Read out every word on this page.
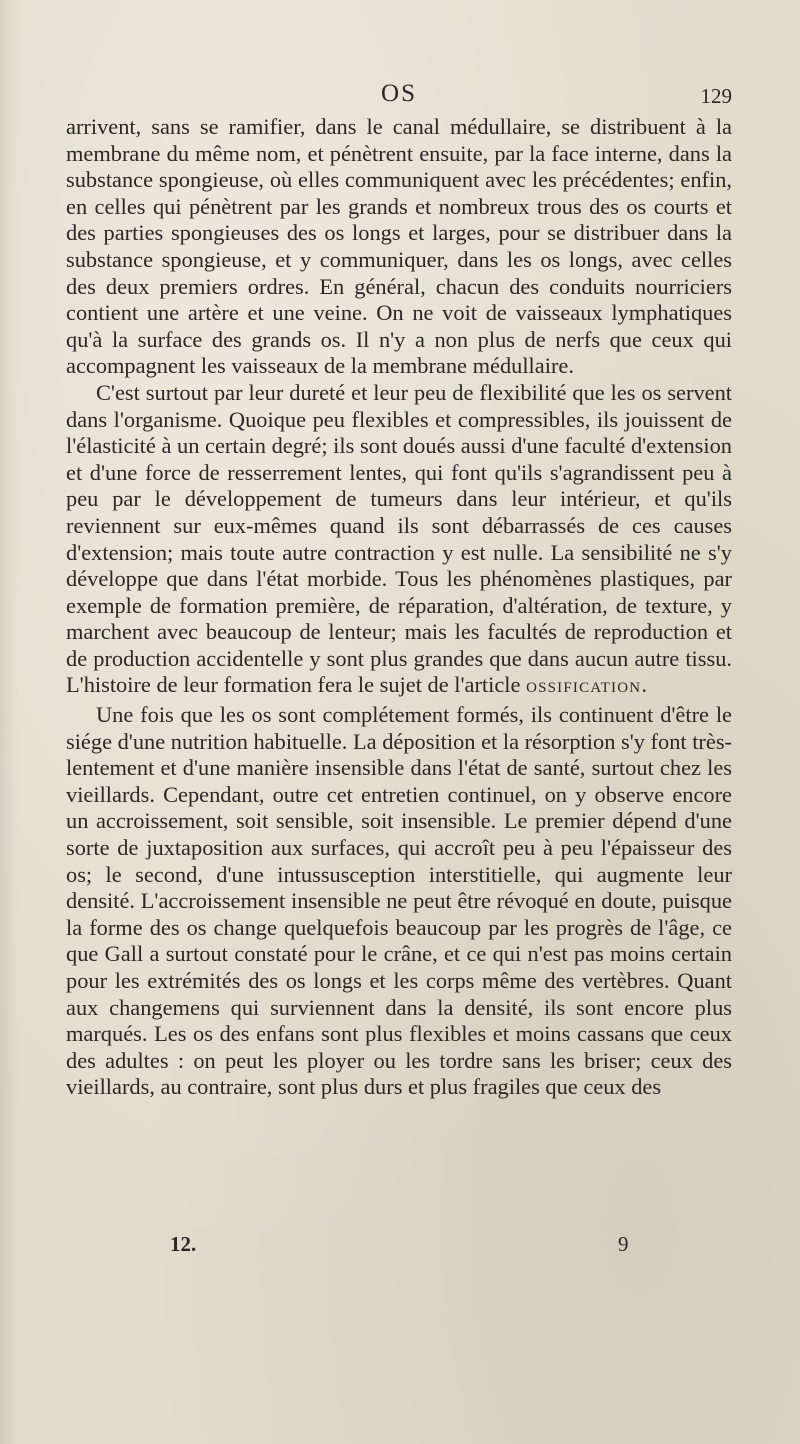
OS	129

arrivent, sans se ramifier, dans le canal médullaire, se distribuent à la membrane du même nom, et pénètrent ensuite, par la face interne, dans la substance spongieuse, où elles communiquent avec les précédentes; enfin, en celles qui pénètrent par les grands et nombreux trous des os courts et des parties spongieuses des os longs et larges, pour se distribuer dans la substance spongieuse, et y communiquer, dans les os longs, avec celles des deux premiers ordres. En général, chacun des conduits nourriciers contient une artère et une veine. On ne voit de vaisseaux lymphatiques qu'à la surface des grands os. Il n'y a non plus de nerfs que ceux qui accompagnent les vaisseaux de la membrane médullaire.

C'est surtout par leur dureté et leur peu de flexibilité que les os servent dans l'organisme. Quoique peu flexibles et compressibles, ils jouissent de l'élasticité à un certain degré; ils sont doués aussi d'une faculté d'extension et d'une force de resserrement lentes, qui font qu'ils s'agrandissent peu à peu par le développement de tumeurs dans leur intérieur, et qu'ils reviennent sur eux-mêmes quand ils sont débarrassés de ces causes d'extension; mais toute autre contraction y est nulle. La sensibilité ne s'y développe que dans l'état morbide. Tous les phénomènes plastiques, par exemple de formation première, de réparation, d'altération, de texture, y marchent avec beaucoup de lenteur; mais les facultés de reproduction et de production accidentelle y sont plus grandes que dans aucun autre tissu. L'histoire de leur formation fera le sujet de l'article OSSIFICATION.

Une fois que les os sont complétement formés, ils continuent d'être le siége d'une nutrition habituelle. La déposition et la résorption s'y font très-lentement et d'une manière insensible dans l'état de santé, surtout chez les vieillards. Cependant, outre cet entretien continuel, on y observe encore un accroissement, soit sensible, soit insensible. Le premier dépend d'une sorte de juxtaposition aux surfaces, qui accroît peu à peu l'épaisseur des os; le second, d'une intussusception interstitielle, qui augmente leur densité. L'accroissement insensible ne peut être révoqué en doute, puisque la forme des os change quelquefois beaucoup par les progrès de l'âge, ce que Gall a surtout constaté pour le crâne, et ce qui n'est pas moins certain pour les extrémités des os longs et les corps même des vertèbres. Quant aux changemens qui surviennent dans la densité, ils sont encore plus marqués. Les os des enfans sont plus flexibles et moins cassans que ceux des adultes : on peut les ployer ou les tordre sans les briser; ceux des vieillards, au contraire, sont plus durs et plus fragiles que ceux des

12.	9
